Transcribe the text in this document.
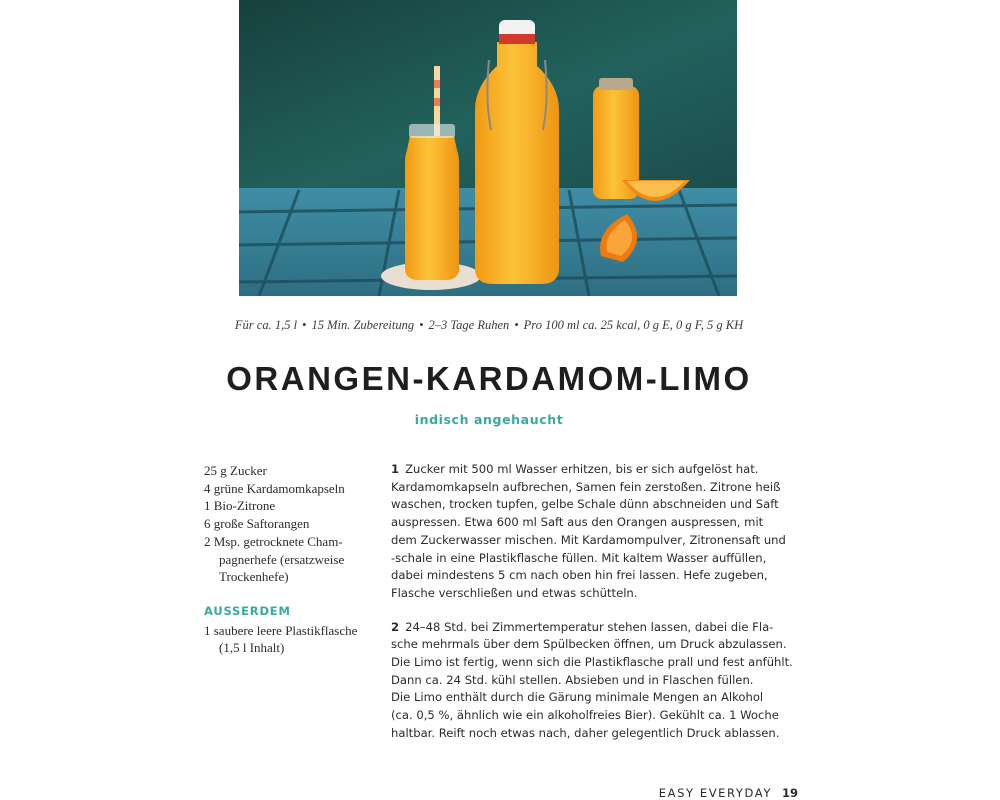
Für ca. 1,5 l • 15 Min. Zubereitung • 2–3 Tage Ruhen • Pro 100 ml ca. 25 kcal, 0 g E, 0 g F, 5 g KH
ORANGEN-KARDAMOM-LIMO
indisch angehaucht
25 g Zucker
4 grüne Kardamomkapseln
1 Bio-Zitrone
6 große Saftorangen
2 Msp. getrocknete Cham-pagnerhefe (ersatzweise Trockenhefe)
AUSSERDEM
1 saubere leere Plastikflasche (1,5 l Inhalt)
1 Zucker mit 500 ml Wasser erhitzen, bis er sich aufgelöst hat.
Kardamomkapseln aufbrechen, Samen fein zerstoßen. Zitrone heiß
waschen, trocken tupfen, gelbe Schale dünn abschneiden und Saft
auspressen. Etwa 600 ml Saft aus den Orangen auspressen, mit
dem Zuckerwasser mischen. Mit Kardamompulver, Zitronensaft und
-schale in eine Plastikflasche füllen. Mit kaltem Wasser auffüllen,
dabei mindestens 5 cm nach oben hin frei lassen. Hefe zugeben,
Flasche verschließen und etwas schütteln.
2 24–48 Std. bei Zimmertemperatur stehen lassen, dabei die Fla-
sche mehrmals über dem Spülbecken öffnen, um Druck abzulassen.
Die Limo ist fertig, wenn sich die Plastikflasche prall und fest anfühlt.
Dann ca. 24 Std. kühl stellen. Absieben und in Flaschen füllen.
Die Limo enthält durch die Gärung minimale Mengen an Alkohol
(ca. 0,5 %, ähnlich wie ein alkoholfreies Bier). Gekühlt ca. 1 Woche
haltbar. Reift noch etwas nach, daher gelegentlich Druck ablassen.
EASY EVERYDAY 19
